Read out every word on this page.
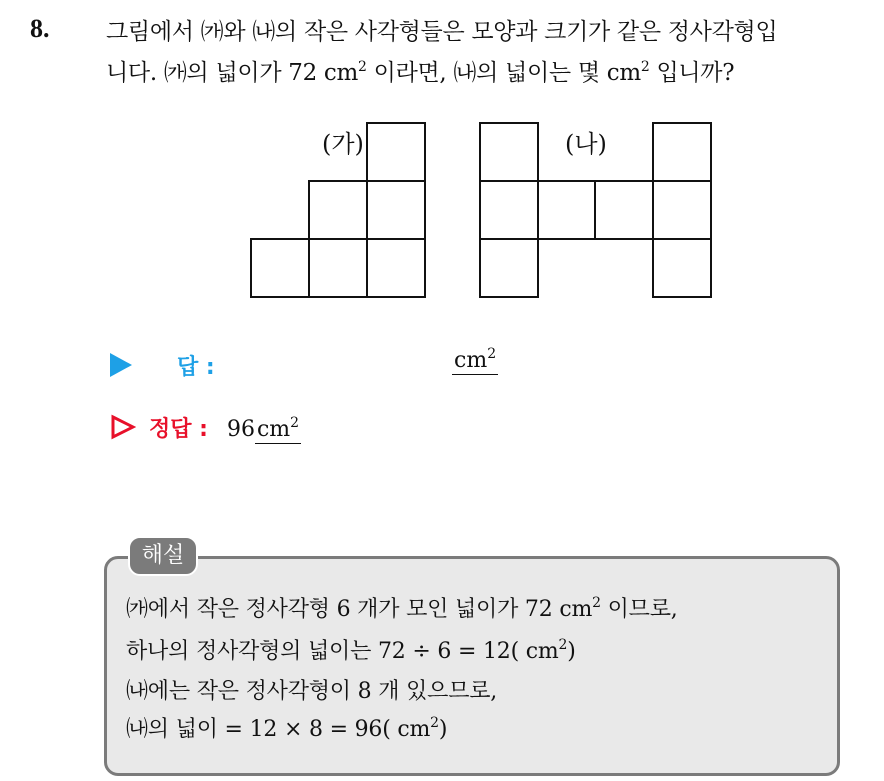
8. 그림에서 ㈎와 ㈏의 작은 사각형들은 모양과 크기가 같은 정사각형입
니다. ㈎의 넓이가 72 $cm^2$ 이라면, ㈏의 넓이는 몇 $cm^2$ 입니까?
(가)	(나)
답 :	$cm^2$
정답 : $96cm^2$
해설
㈎에서 작은 정사각형 6 개가 모인 넓이가 72 $cm^2$ 이므로,
하나의 정사각형의 넓이는 72 ÷ 6 = 12( $cm^2$)
㈏에는 작은 정사각형이 8 개 있으므로,
㈏의 넓이 = 12 × 8 = 96( $cm^2$)
